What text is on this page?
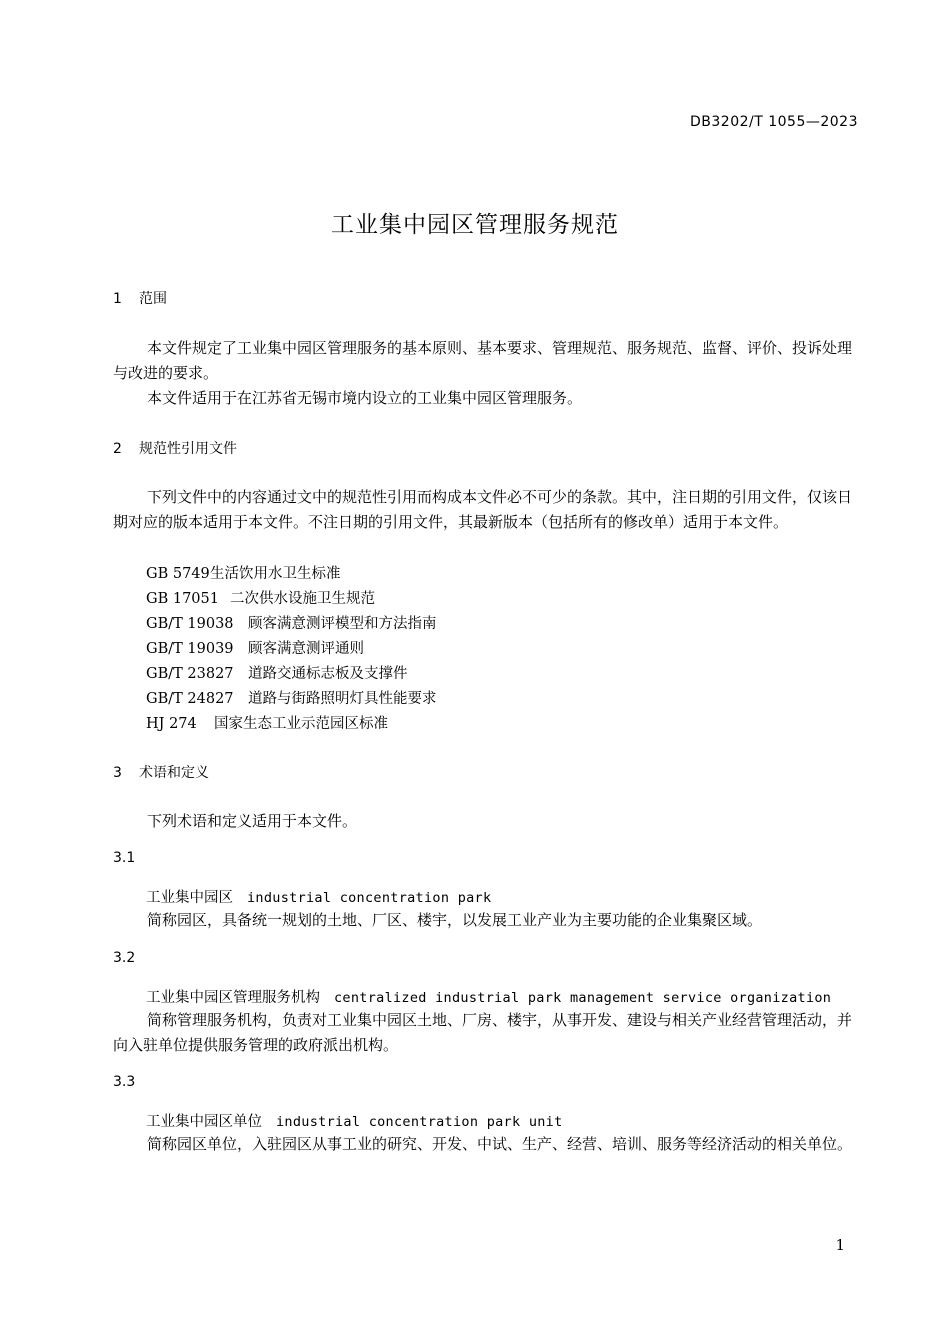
DB3202/T 1055—2023
工业集中园区管理服务规范
1 范围
本文件规定了工业集中园区管理服务的基本原则、基本要求、管理规范、服务规范、监督、评价、投诉处理与改进的要求。
本文件适用于在江苏省无锡市境内设立的工业集中园区管理服务。
2 规范性引用文件
下列文件中的内容通过文中的规范性引用而构成本文件必不可少的条款。其中，注日期的引用文件，仅该日期对应的版本适用于本文件。不注日期的引用文件，其最新版本（包括所有的修改单）适用于本文件。
GB 5749生活饮用水卫生标准
GB 17051 二次供水设施卫生规范
GB/T 19038 顾客满意测评模型和方法指南
GB/T 19039 顾客满意测评通则
GB/T 23827 道路交通标志板及支撑件
GB/T 24827 道路与街路照明灯具性能要求
HJ 274 国家生态工业示范园区标准
3 术语和定义
下列术语和定义适用于本文件。
3.1
工业集中园区 industrial concentration park
简称园区，具备统一规划的土地、厂区、楼宇，以发展工业产业为主要功能的企业集聚区域。
3.2
工业集中园区管理服务机构 centralized industrial park management service organization
简称管理服务机构，负责对工业集中园区土地、厂房、楼宇，从事开发、建设与相关产业经营管理活动，并向入驻单位提供服务管理的政府派出机构。
3.3
工业集中园区单位 industrial concentration park unit
简称园区单位，入驻园区从事工业的研究、开发、中试、生产、经营、培训、服务等经济活动的相关单位。
1
